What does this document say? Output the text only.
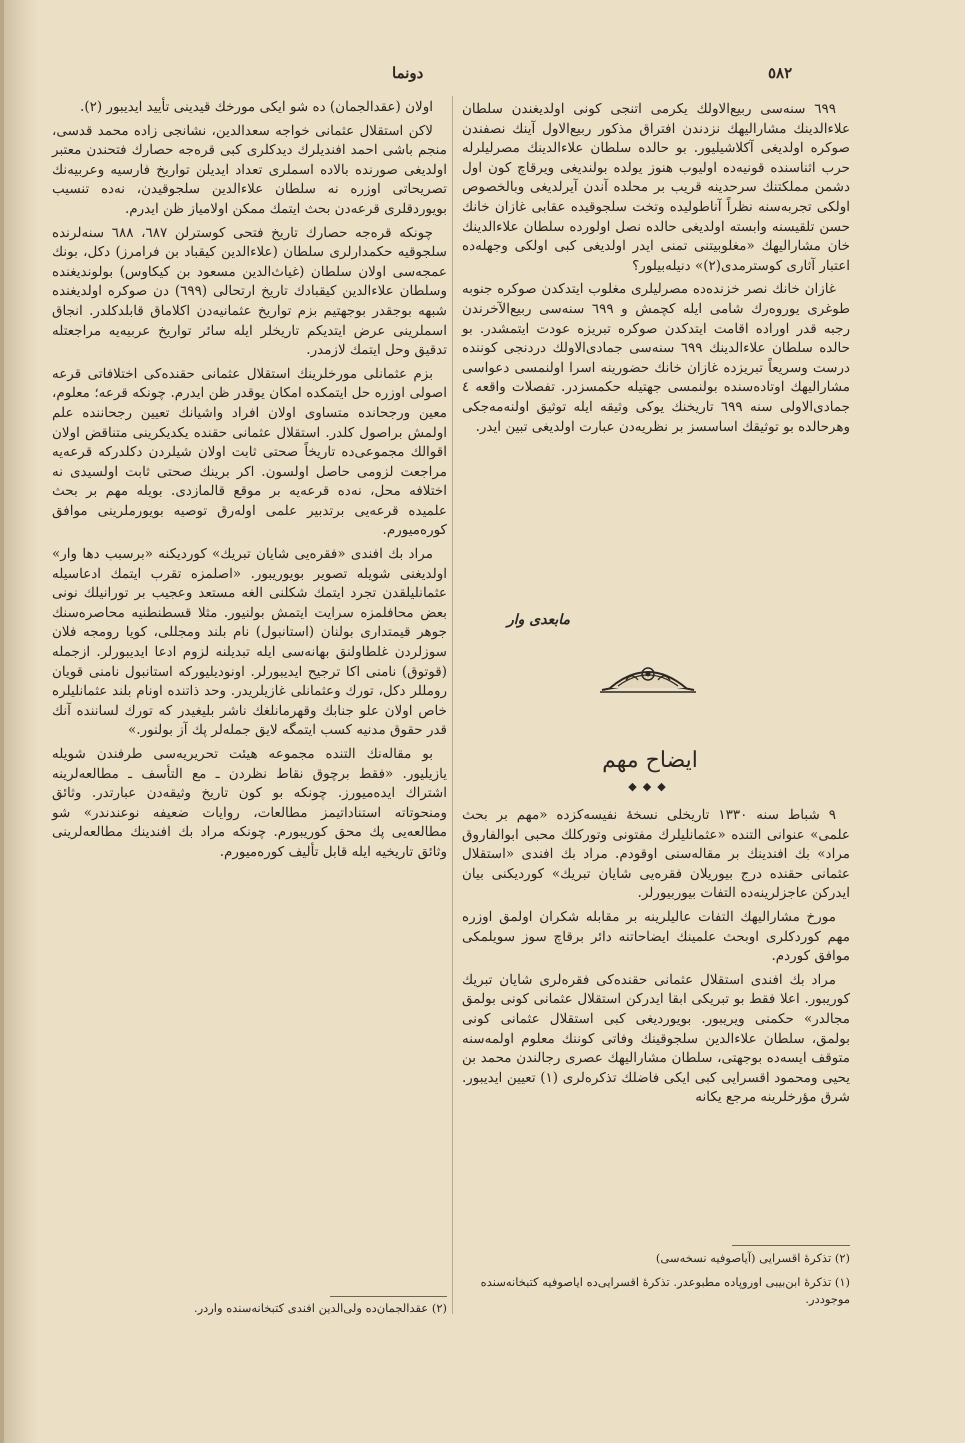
٥٨٢
دونما

٦٩٩ سنه‌سی ربیع‌الاولك یکرمی اتنجی کونی اولدیغندن سلطان علاءالدینك مشارالیهك نزدندن افتراق مذکور ربیع‌الاول آینك نصفندن صوکره اولدیغی آکلاشیلیور. بو حالده سلطان علاءالدینك مصرلیلرله حرب اثناسنده قونیه‌ده اولیوب هنوز یولده بولندیغی ویرقاچ کون اول دشمن مملکتنك سرحدینه قریب بر محلده آندن آیرلدیغی وبالخصوص اولکی تجربه‌سنه نظراً آناطولیده وتخت سلجوقیده عقابی غازان خانك حسن تلقیسنه وابسته اولدیغی حالده نصل اولورده سلطان علاءالدینك خان مشارالیهك «مغلوبیتنی تمنی ایدر اولدیغی کبی اولکی وجهله‌ده اعتبار آثاری کوسترمدی(٢)» دنیله‌بیلور؟

غازان خانك نصر خزنده‌ده مصرلیلری مغلوب ایتدکدن صوکره جنوبه طوغری یوروه‌رك شامی ایله کچمش و ٦٩٩ سنه‌سی ربیع‌الآخرندن رجبه قدر اوراده اقامت ایتدکدن صوکره تبریزه عودت ایتمشدر. بو حالده سلطان علاءالدینك ٦٩٩ سنه‌سی جمادی‌الاولك دردنجی کوننده درست وسریعاً تبریزده غازان خانك حضورینه اسرا اولنمسی دعواسی مشارالیهك اوتاده‌سنده بولنمسی جهتیله حکمسزدر. تفصلات واقعه ٤ جمادی‌الاولی سنه ٦٩٩ تاریخنك یوکی وثیقه ایله توثیق اولنه‌مه‌جکی وهرحالده بو توثیقك اساسسز بر نظریه‌دن عبارت اولدیغی تبین ایدر.

مابعدی وار
ایضاح مهم
◆◆◆

٩ شباط سنه ١٣٣٠ تاریخلی نسخهٔ نفیسه‌کزده «مهم بر بحث علمی» عنوانی التنده «عثمانلیلرك مفتونی وتورکلك محبی ابوالفاروق مراد» بك افندینك بر مقاله‌سنی اوقودم. مراد بك افندی «استقلال عثمانی حقنده درج بیوریلان فقره‌یی شایان تبریك» کوردیکنی بیان ایدرکن عاجزلرینه‌ده التفات بیوربیورلر.

مورخ مشارالیهك التفات عالیلرینه بر مقابله شکران اولمق اوزره مهم کوردکلری اوبحث علمینك ایضاحاتنه دائر برقاچ سوز سویلمکی موافق کوردم.

مراد بك افندی استقلال عثمانی حقنده‌کی فقره‌لری شایان تبریك کوریبور. اعلا فقط بو تبریکی ابقا ایدرکن استقلال عثمانی کونی بولمق مجالدر» حکمنی ویریبور. بویوردیغی کبی استقلال عثمانی کونی بولمق، سلطان علاءالدین سلجوقینك وفاتی کوننك معلوم اولمه‌سنه متوقف ایسه‌ده بوجهتی، سلطان مشارالیهك عصری رجالندن محمد بن یحیی ومحمود اقسرایی کبی ایکی فاضلك تذکره‌لری (١) تعیین ایدیبور. شرق مؤرخلرینه مرجع یکانه

(٢) تذکرهٔ اقسرایی (آیاصوفیه نسخه‌سی)
(١) تذکرهٔ ابن‌بیبی اوروپاده مطبوعدر. تذکرهٔ اقسرایی‌ده ایاصوفیه کتبخانه‌سنده موجوددر.

اولان (عقدالجمان) ده شو ایکی مورخك قیدینی تأیید ایدیبور (٢).

لاکن استقلال عثمانی خواجه سعدالدین، نشانجی زاده محمد قدسی، منجم باشی احمد افندیلرك دیدکلری کبی قره‌جه حصارك فتحندن معتبر اولدیغی صورنده بالاده اسملری تعداد ایدیلن تواریخ فارسیه وعربیه‌نك تصریحاتی اوزره نه سلطان علاءالدین سلجوقیدن، نه‌ده تنسیب بویوردقلری قرعه‌دن بحث ایتمك ممکن اولامیاز ظن ایدرم.

چونکه قره‌جه حصارك تاریخ فتحی کوسترلن ٦٨٧، ٦٨٨ سنه‌لرنده سلجوقیه حکمدارلری سلطان (علاءالدین کیقباد بن فرامرز) دکل، بونك عمجه‌سی اولان سلطان (غیاث‌الدین مسعود بن کیکاوس) بولوندیغنده وسلطان علاءالدین کیقبادك تاریخ ارتحالی (٦٩٩) دن صوکره اولدیغنده شبهه بوجقدر بوجهتیم بزم تواریخ عثمانیه‌دن اکلاماق قابلدکلدر. انجاق اسملرینی عرض ایتدیکم تاریخلر ایله سائر تواریخ عربیه‌یه مراجعتله تدقیق وحل ایتمك لازمدر.

بزم عثمانلی مورخلرینك استقلال عثمانی حقنده‌کی اختلافاتی قرعه اصولی اوزره حل ایتمکده امکان یوقدر ظن ایدرم. چونکه قرعه؛ معلوم، معین ورجحانده متساوی اولان افراد واشیانك تعیین رجحاننده علم اولمش براصول کلدر. استقلال عثمانی حقنده یکدیکرینی متناقض اولان اقوالك مجموعی‌ده تاریخاً صحتی ثابت اولان شیلردن دکلدرکه قرعه‌یه مراجعت لزومی حاصل اولسون. اکر برینك صحتی ثابت اولسیدی نه اختلافه محل، نه‌ده قرعه‌یه بر موقع قالمازدی. بویله مهم بر بحث علمیده قرعه‌یی برتدبیر علمی اوله‌رق توصیه بویورملرینی موافق کوره‌میورم.

مراد بك افندی «فقره‌یی شایان تبریك» کوردیکنه «برسبب دها وار» اولدیغنی شویله تصویر بویوریبور. «اصلمزه تقرب ایتمك ادعاسیله عثمانلیلقدن تجرد ایتمك شکلنی الغه مستعد وعجیب بر تورانیلك نونی بعض محافلمزه سرایت ایتمش بولنیور. مثلا قسطنطنیه محاصره‌سنك جوهر قیمتداری بولنان (استانبول) نام بلند ومجللی، کویا رومجه فلان سوزلردن غلطاولنق بهانه‌سی ایله تبدیلنه لزوم ادعا ایدیبورلر. ازجمله (قوتوق) نامنی اکا ترجیح ایدیبورلر. اونودیلیورکه استانبول نامنی قویان رومللر دکل، تورك وعثمانلی غازیلریدر. وحد ذاتنده اونام بلند عثمانلیلره خاص اولان علو جنابك وقهرمانلغك ناشر بلیغیدر که تورك لساننده آنك قدر حقوق مدنیه کسب ایتمگه لایق جمله‌لر پك آز بولنور.»

بو مقاله‌نك التنده مجموعه هیئت تحریریه‌سی طرفندن شویله یازیلیور. «فقط برچوق نقاط نظردن ـ مع التأسف ـ مطالعه‌لرینه اشتراك ایده‌میورز. چونکه بو کون تاریخ وثیقه‌دن عبارتدر. وثائق ومنحوتاته استناداتیمز مطالعات، روایات ضعیفه نوعندندر» شو مطالعه‌یی پك محق کوریبورم. چونکه مراد بك افندینك مطالعه‌لرینی وثائق تاریخیه ایله قابل تألیف کوره‌میورم.

(٢) عقدالجمان‌ده ولی‌الدین افندی کتبخانه‌سنده واردر.
